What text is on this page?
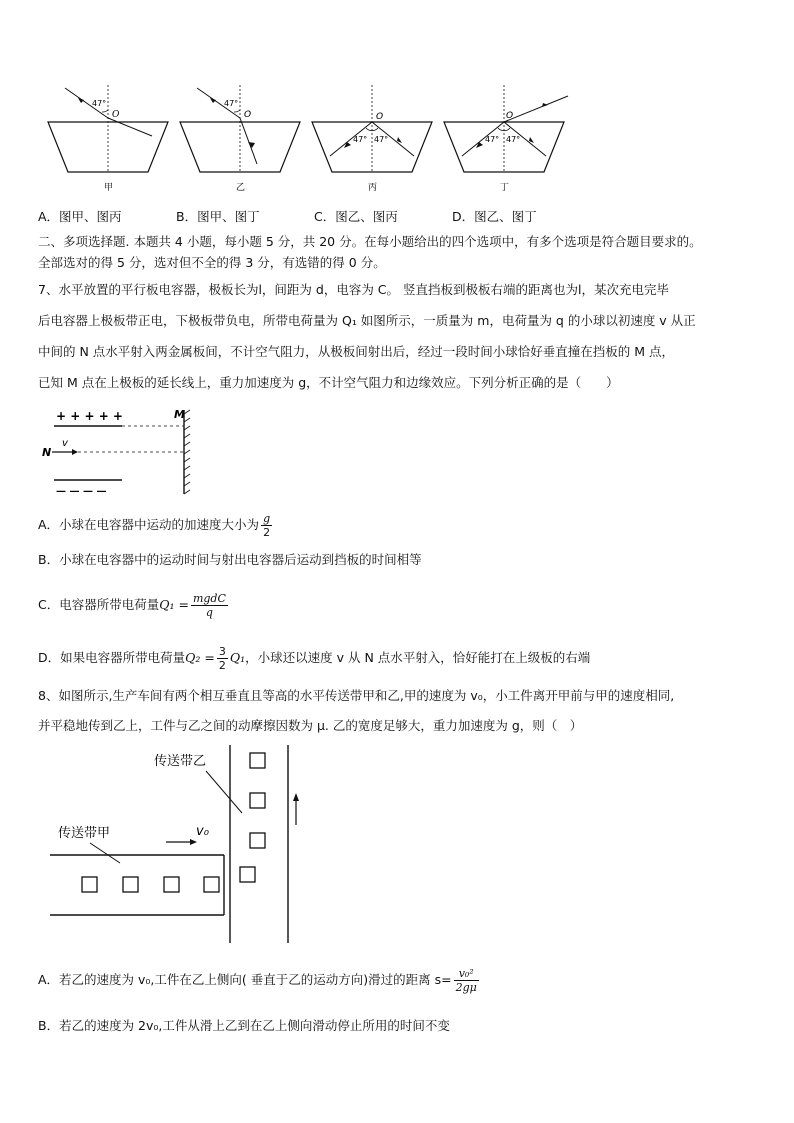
47°
O
甲
47°
O
乙
O
47° 47°
丙
O
47° 47°
丁
A．图甲、图丙	B．图甲、图丁	C．图乙、图丙	D．图乙、图丁
二、多项选择题. 本题共 4 小题，每小题 5 分，共 20 分。在每小题给出的四个选项中，有多个选项是符合题目要求的。
全部选对的得 5 分，选对但不全的得 3 分，有选错的得 0 分。
7、水平放置的平行板电容器，极板长为l，间距为 d，电容为 C。 竖直挡板到极板右端的距离也为l，某次充电完毕
后电容器上极板带正电，下极板带负电，所带电荷量为 Q₁ 如图所示，一质量为 m，电荷量为 q 的小球以初速度 v 从正
中间的 N 点水平射入两金属板间，不计空气阻力，从极板间射出后，经过一段时间小球恰好垂直撞在挡板的 M 点，
已知 M 点在上极板的延长线上，重力加速度为 g，不计空气阻力和边缘效应。下列分析正确的是（　　）
+ + + + +	M
N
v
— — — —
A．小球在电容器中运动的加速度大小为 $\frac{g}{2}$
B．小球在电容器中的运动时间与射出电容器后运动到挡板的时间相等
C．电容器所带电荷量$Q_1 = \frac{\text{mgdC}}{q}$
D．如果电容器所带电荷量$Q_2 = \frac{3}{2} Q_1$，小球还以速度 v 从 N 点水平射入，恰好能打在上级板的右端
8、如图所示,生产车间有两个相互垂直且等高的水平传送带甲和乙,甲的速度为 v₀，小工件离开甲前与甲的速度相同,
并平稳地传到乙上，工件与乙之间的动摩擦因数为 μ. 乙的宽度足够大，重力加速度为 g，则（　）
传送带乙
传送带甲	v₀
A．若乙的速度为 v₀,工件在乙上侧向( 垂直于乙的运动方向)滑过的距离 $s= \frac{\text{v₀²}}{2g\mu}$
B．若乙的速度为 2v₀,工件从滑上乙到在乙上侧向滑动停止所用的时间不变
